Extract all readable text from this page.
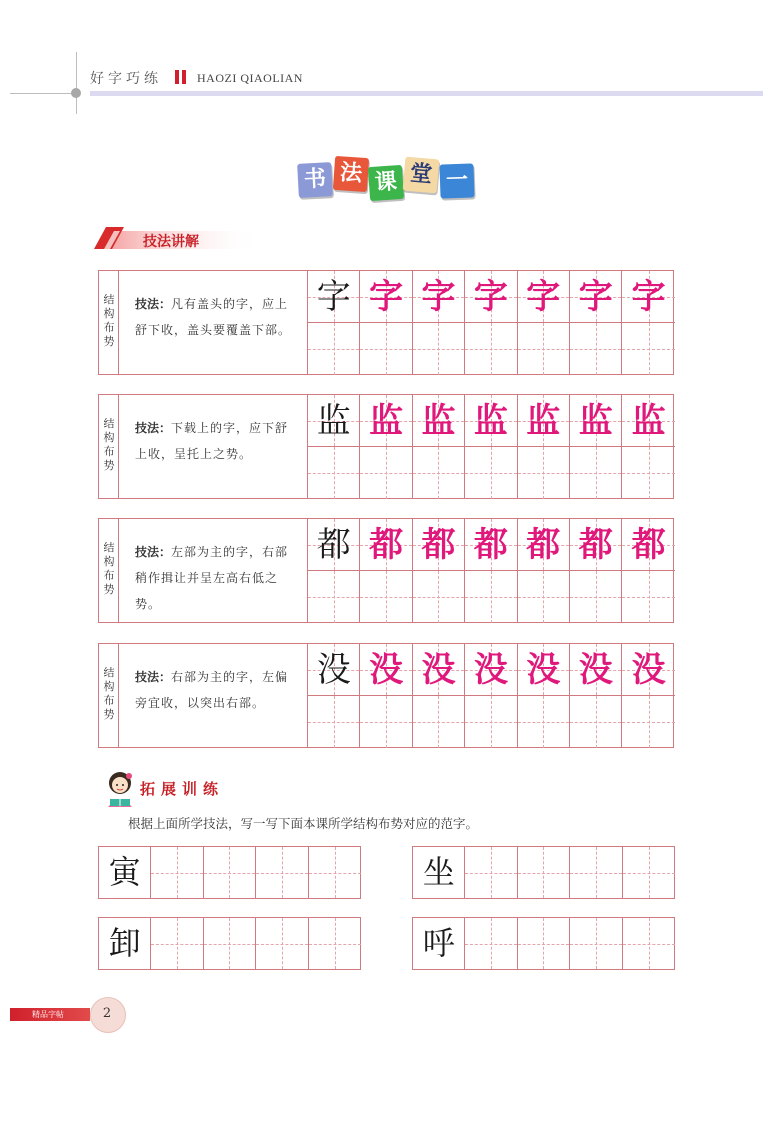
好字巧练	HAOZI QIAOLIAN
书 法 课 堂 一
技法讲解
结构布势
技法：凡有盖头的字，应上舒下收，盖头要覆盖下部。
字 字 字 字 字 字 字
结构布势
技法：下载上的字，应下舒上收，呈托上之势。
监 监 监 监 监 监 监
结构布势
技法：左部为主的字，右部稍作揖让并呈左高右低之势。
都 都 都 都 都 都 都
结构布势
技法：右部为主的字，左偏旁宜收，以突出右部。
没 没 没 没 没 没 没
拓展训练
根据上面所学技法，写一写下面本课所学结构布势对应的范字。
寅	坐
卸	呼
精品字帖	2
